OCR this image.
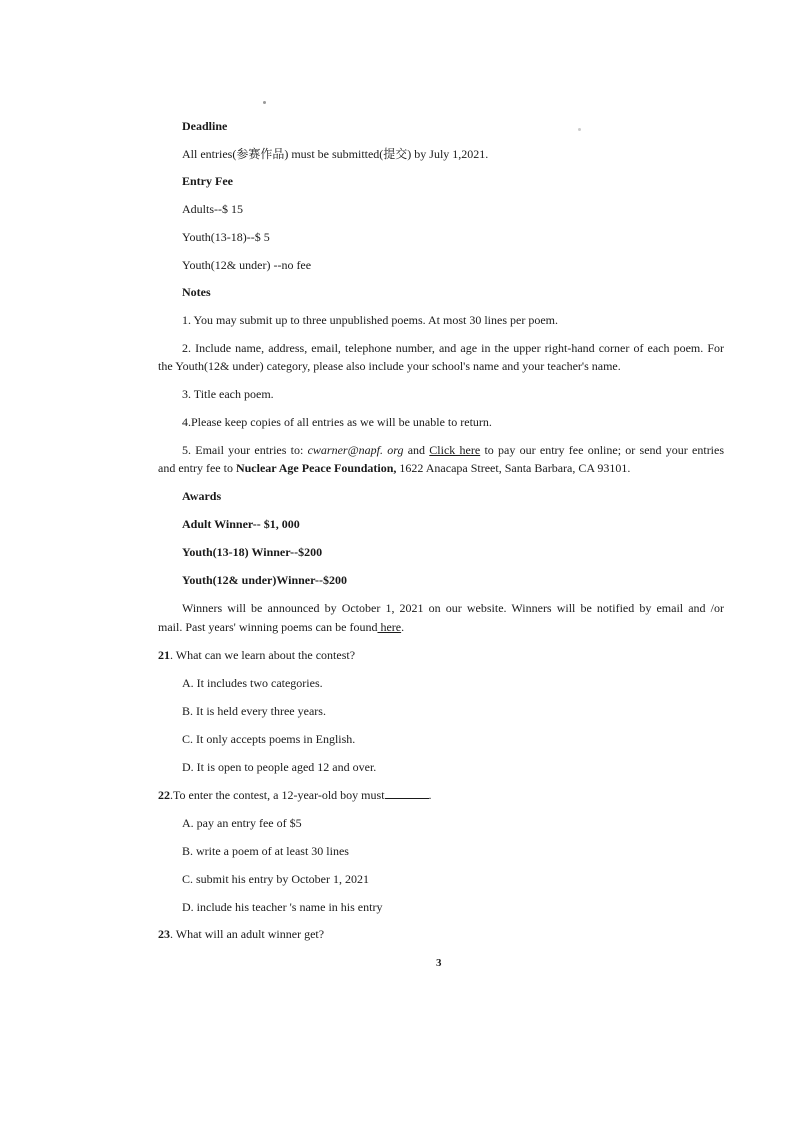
Deadline
All entries(参赛作品) must be submitted(提交) by July 1,2021.
Entry Fee
Adults--$ 15
Youth(13-18)--$ 5
Youth(12& under) --no fee
Notes
1. You may submit up to three unpublished poems. At most 30 lines per poem.
2. Include name, address, email, telephone number, and age in the upper right-hand corner of each poem. For
the Youth(12& under) category, please also include your school's name and your teacher's name.
3. Title each poem.
4.Please keep copies of all entries as we will be unable to return.
5. Email your entries to: cwarner@napf. org and Click here to pay our entry fee online; or send your entries
and entry fee to Nuclear Age Peace Foundation, 1622 Anacapa Street, Santa Barbara, CA 93101.
Awards
Adult Winner-- $1, 000
Youth(13-18) Winner--$200
Youth(12& under)Winner--$200
Winners will be announced by October 1, 2021 on our website. Winners will be notified by email and /or
mail. Past years' winning poems can be found here.
21. What can we learn about the contest?
A. It includes two categories.
B. It is held every three years.
C. It only accepts poems in English.
D. It is open to people aged 12 and over.
22.To enter the contest, a 12-year-old boy must	.
A. pay an entry fee of $5
B. write a poem of at least 30 lines
C. submit his entry by October 1, 2021
D. include his teacher 's name in his entry
23. What will an adult winner get?
3
